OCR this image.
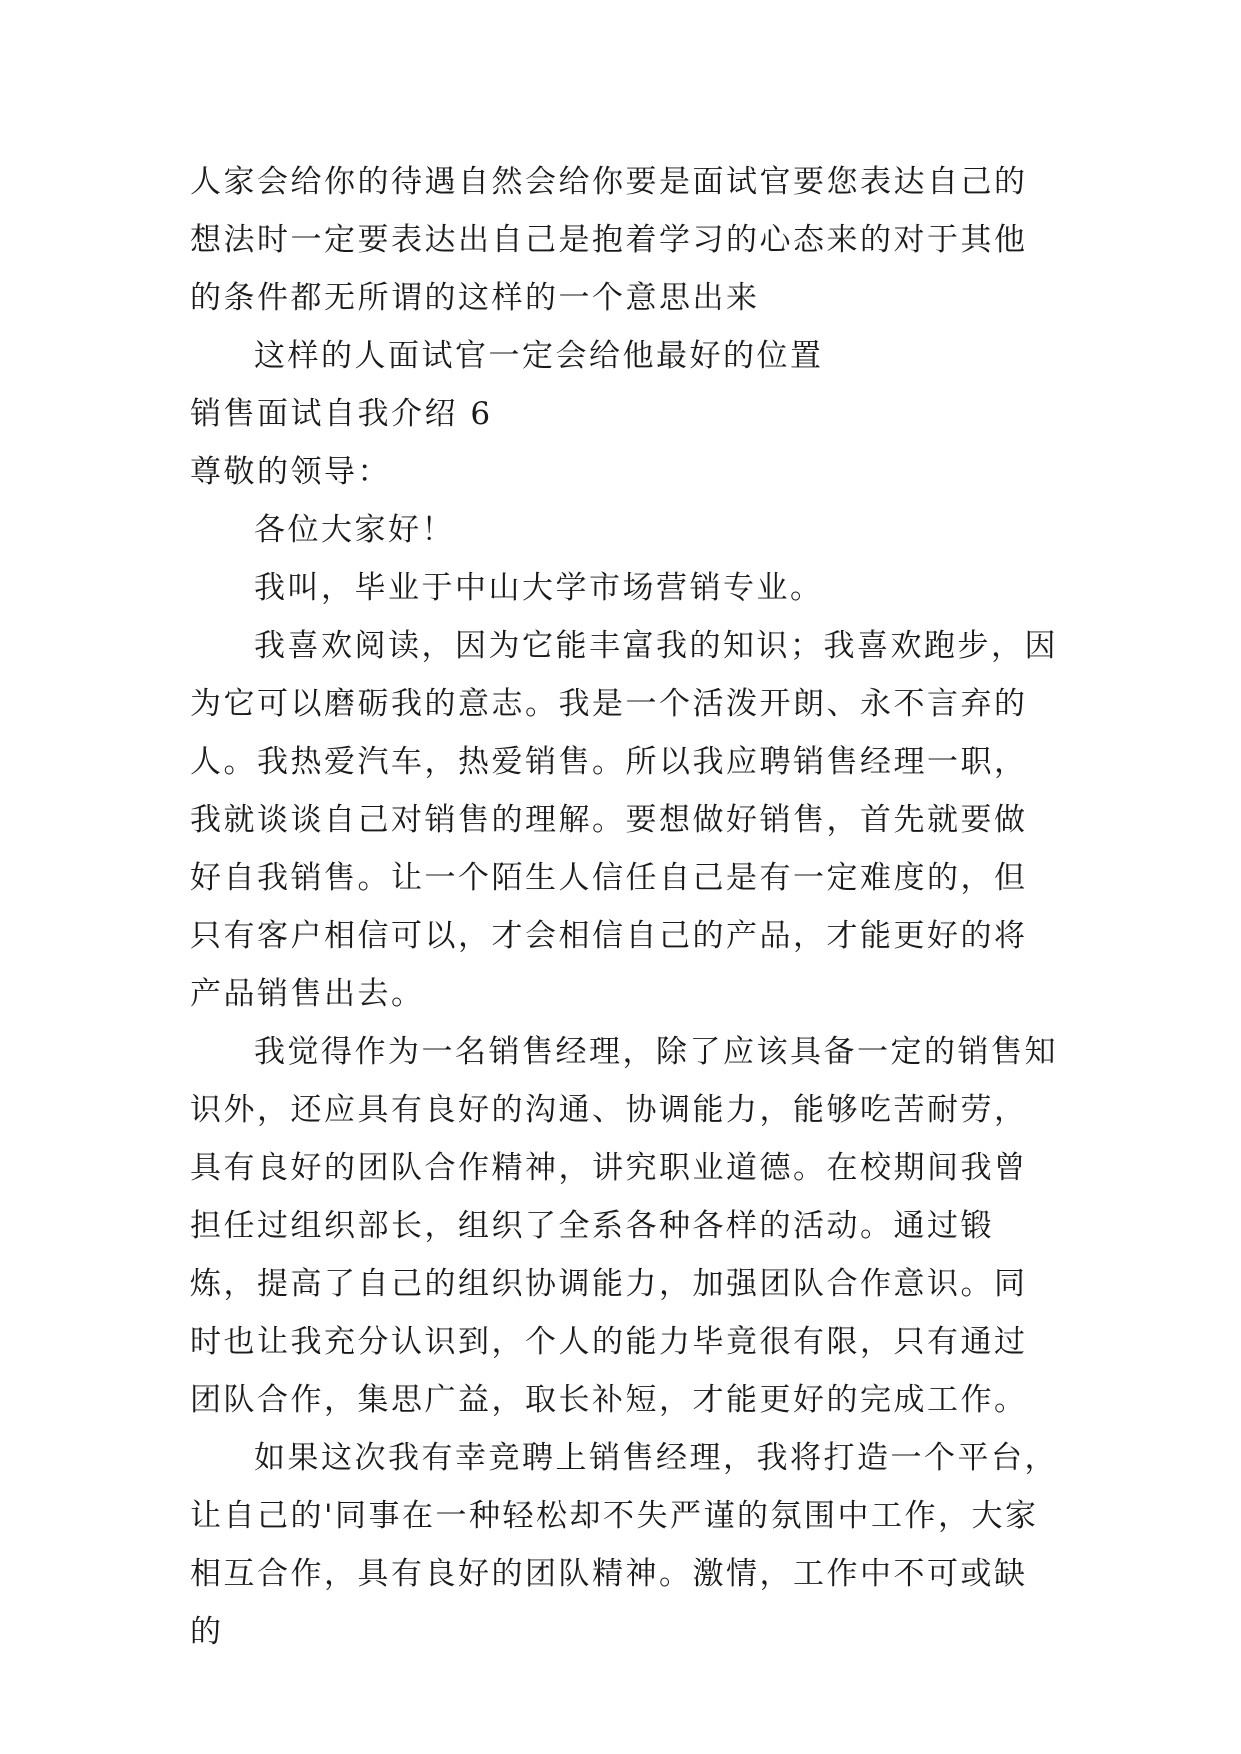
人家会给你的待遇自然会给你要是面试官要您表达自己的想法时一定要表达出自己是抱着学习的心态来的对于其他的条件都无所谓的这样的一个意思出来

这样的人面试官一定会给他最好的位置

销售面试自我介绍 6

尊敬的领导：

各位大家好！

我叫，毕业于中山大学市场营销专业。

我喜欢阅读，因为它能丰富我的知识；我喜欢跑步，因为它可以磨砺我的意志。我是一个活泼开朗、永不言弃的人。我热爱汽车，热爱销售。所以我应聘销售经理一职，我就谈谈自己对销售的理解。要想做好销售，首先就要做好自我销售。让一个陌生人信任自己是有一定难度的，但只有客户相信可以，才会相信自己的产品，才能更好的将产品销售出去。

我觉得作为一名销售经理，除了应该具备一定的销售知识外，还应具有良好的沟通、协调能力，能够吃苦耐劳，具有良好的团队合作精神，讲究职业道德。在校期间我曾担任过组织部长，组织了全系各种各样的活动。通过锻炼，提高了自己的组织协调能力，加强团队合作意识。同时也让我充分认识到，个人的能力毕竟很有限，只有通过团队合作，集思广益，取长补短，才能更好的完成工作。

如果这次我有幸竞聘上销售经理，我将打造一个平台，让自己的'同事在一种轻松却不失严谨的氛围中工作，大家相互合作，具有良好的团队精神。激情，工作中不可或缺的
